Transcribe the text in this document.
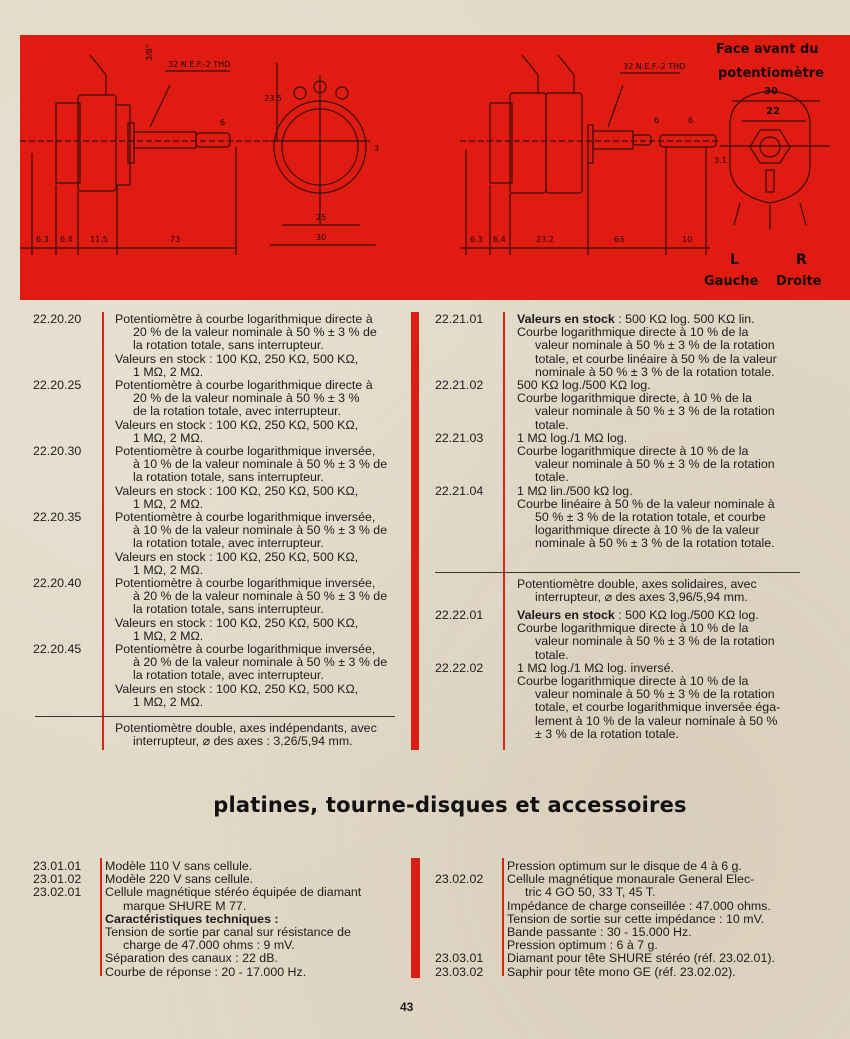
Face avant du
potentiomètre
L	R
Gauche Droite
3/8"
32 N.E.F.-2 THD	32 N.E.F.-2 THD
6.3 6.4 11.5	73
6
23.5
3
25
30	6.3 6.4	23.2	63	10
6	6
3.1
30
22
22.20.20	Potentiomètre à courbe logarithmique directe à
20 % de la valeur nominale à 50 % ± 3 % de
la rotation totale, sans interrupteur.
Valeurs en stock : 100 KΩ, 250 KΩ, 500 KΩ,
1 MΩ, 2 MΩ.
22.20.25	Potentiomètre à courbe logarithmique directe à
20 % de la valeur nominale à 50 % ± 3 %
de la rotation totale, avec interrupteur.
Valeurs en stock : 100 KΩ, 250 KΩ, 500 KΩ,
1 MΩ, 2 MΩ.
22.20.30	Potentiomètre à courbe logarithmique inversée,
à 10 % de la valeur nominale à 50 % ± 3 % de
la rotation totale, sans interrupteur.
Valeurs en stock : 100 KΩ, 250 KΩ, 500 KΩ,
1 MΩ, 2 MΩ.
22.20.35	Potentiomètre à courbe logarithmique inversée,
à 10 % de la valeur nominale à 50 % ± 3 % de
la rotation totale, avec interrupteur.
Valeurs en stock : 100 KΩ, 250 KΩ, 500 KΩ,
1 MΩ, 2 MΩ.
22.20.40	Potentiomètre à courbe logarithmique inversée,
à 20 % de la valeur nominale à 50 % ± 3 % de
la rotation totale, sans interrupteur.
Valeurs en stock : 100 KΩ, 250 KΩ, 500 KΩ,
1 MΩ, 2 MΩ.
22.20.45	Potentiomètre à courbe logarithmique inversée,
à 20 % de la valeur nominale à 50 % ± 3 % de
la rotation totale, avec interrupteur.
Valeurs en stock : 100 KΩ, 250 KΩ, 500 KΩ,
1 MΩ, 2 MΩ.
Potentiomètre double, axes indépendants, avec
interrupteur, ⌀ des axes : 3,26/5,94 mm.
22.21.01	Valeurs en stock : 500 KΩ log. 500 KΩ lin.
Courbe logarithmique directe à 10 % de la
valeur nominale à 50 % ± 3 % de la rotation
totale, et courbe linéaire à 50 % de la valeur
nominale à 50 % ± 3 % de la rotation totale.
22.21.02	500 KΩ log./500 KΩ log.
Courbe logarithmique directe, à 10 % de la
valeur nominale à 50 % ± 3 % de la rotation
totale.
22.21.03	1 MΩ log./1 MΩ log.
Courbe logarithmique directe à 10 % de la
valeur nominale à 50 % ± 3 % de la rotation
totale.
22.21.04	1 MΩ lin./500 kΩ log.
Courbe linéaire à 50 % de la valeur nominale à
50 % ± 3 % de la rotation totale, et courbe
logarithmique directe à 10 % de la valeur
nominale à 50 % ± 3 % de la rotation totale.
Potentiomètre double, axes solidaires, avec
interrupteur, ⌀ des axes 3,96/5,94 mm.
22.22.01	Valeurs en stock : 500 KΩ log./500 KΩ log.
Courbe logarithmique directe à 10 % de la
valeur nominale à 50 % ± 3 % de la rotation
totale.
22.22.02	1 MΩ log./1 MΩ log. inversé.
Courbe logarithmique directe à 10 % de la
valeur nominale à 50 % ± 3 % de la rotation
totale, et courbe logarithmique inversée éga-
lement à 10 % de la valeur nominale à 50 %
± 3 % de la rotation totale.
platines, tourne-disques et accessoires
23.01.01	Modèle 110 V sans cellule.
23.01.02	Modèle 220 V sans cellule.
23.02.01	Cellule magnétique stéréo équipée de diamant
marque SHURE M 77.
Caractéristiques techniques :
Tension de sortie par canal sur résistance de
charge de 47.000 ohms : 9 mV.
Séparation des canaux : 22 dB.
Courbe de réponse : 20 - 17.000 Hz.
Pression optimum sur le disque de 4 à 6 g.
23.02.02	Cellule magnétique monaurale General Elec-
tric 4 GO 50, 33 T, 45 T.
Impédance de charge conseillée : 47.000 ohms.
Tension de sortie sur cette impédance : 10 mV.
Bande passante : 30 - 15.000 Hz.
Pression optimum : 6 à 7 g.
23.03.01	Diamant pour tête SHURE stéréo (réf. 23.02.01).
23.03.02	Saphir pour tête mono GE (réf. 23.02.02).
43
